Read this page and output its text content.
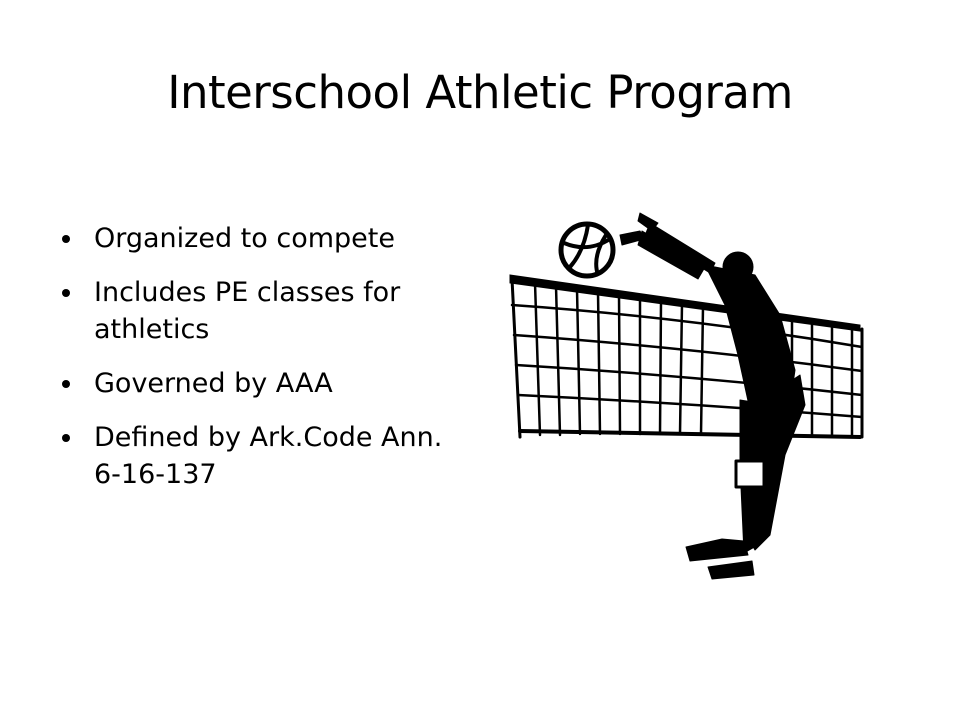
Interschool Athletic Program
Organized to compete
Includes PE classes for athletics
Governed by AAA
Defined by Ark.Code Ann. 6-16-137
